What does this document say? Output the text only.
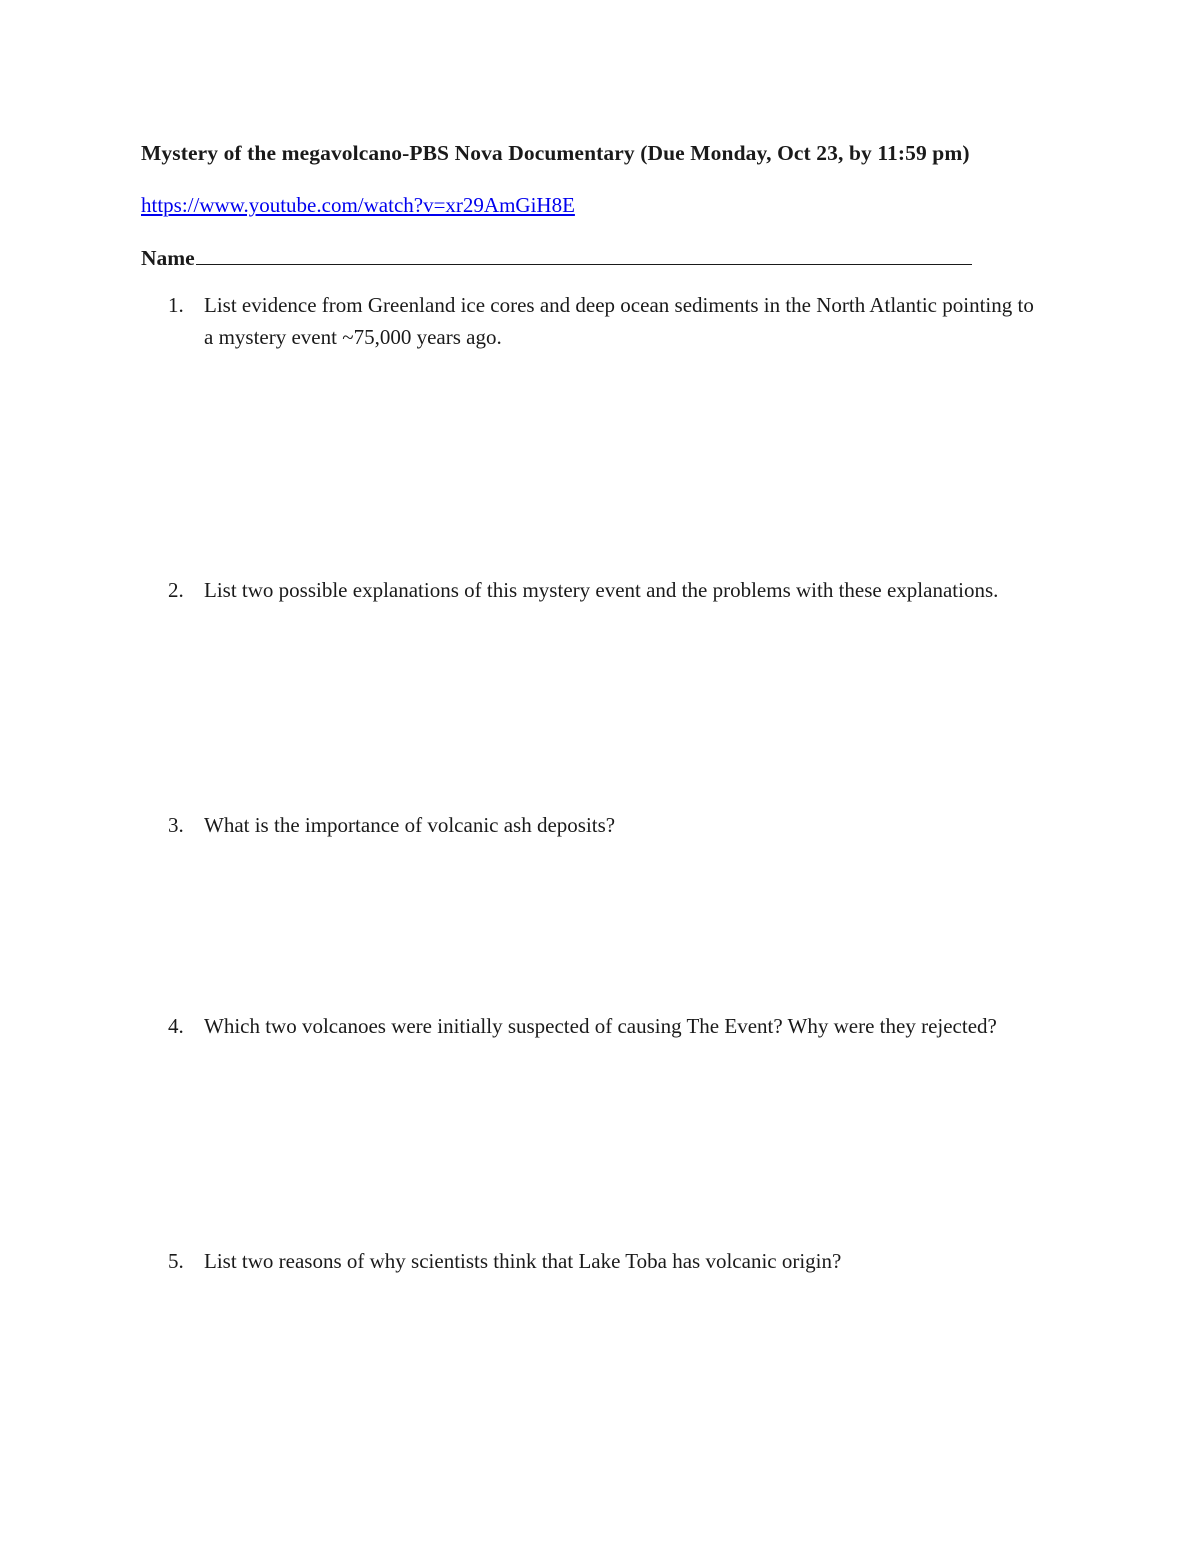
Mystery of the megavolcano-PBS Nova Documentary (Due Monday, Oct 23, by 11:59 pm)
https://www.youtube.com/watch?v=xr29AmGiH8E
Name
1. List evidence from Greenland ice cores and deep ocean sediments in the North Atlantic pointing to a mystery event ~75,000 years ago.
2. List two possible explanations of this mystery event and the problems with these explanations.
3. What is the importance of volcanic ash deposits?
4. Which two volcanoes were initially suspected of causing The Event? Why were they rejected?
5. List two reasons of why scientists think that Lake Toba has volcanic origin?
